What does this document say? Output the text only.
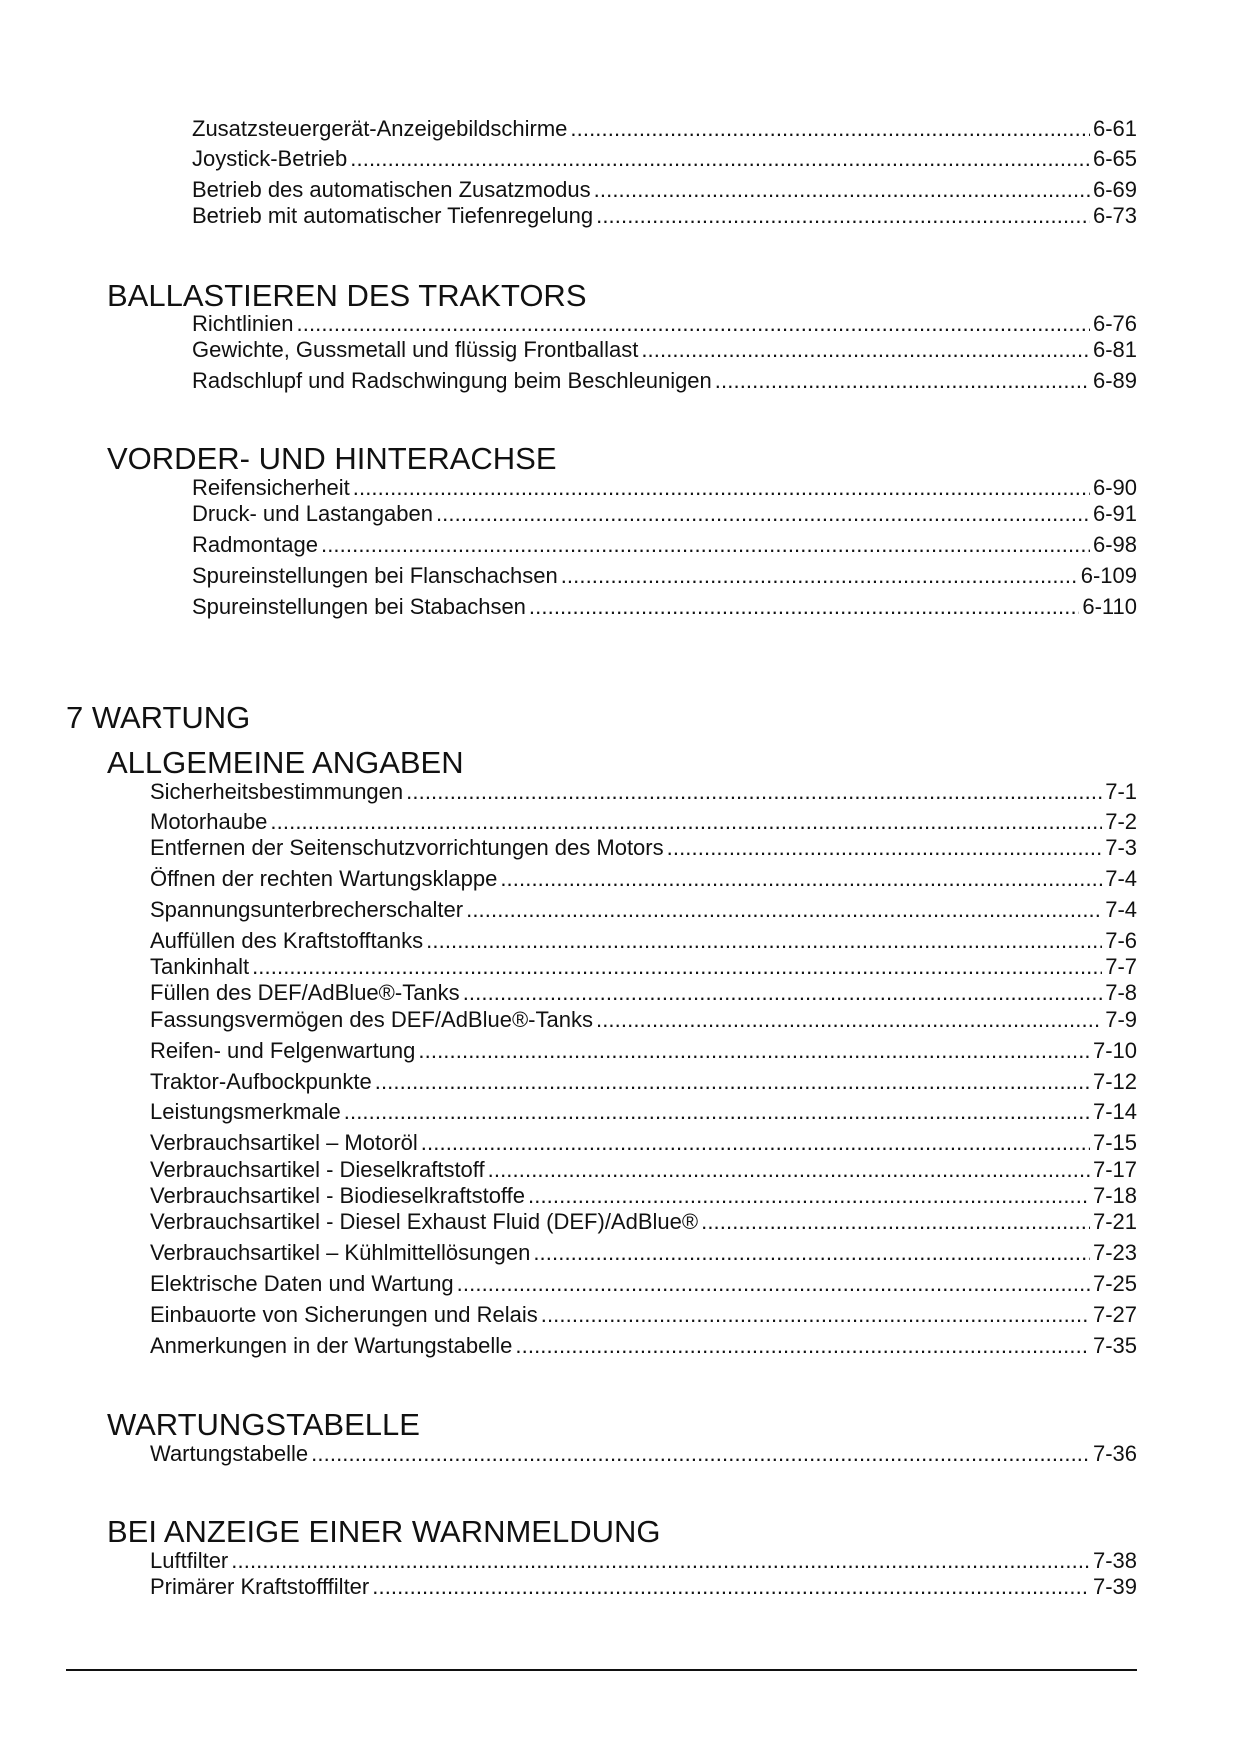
Zusatzsteuergerät-Anzeigebildschirme . . .	6-61
Joystick-Betrieb . . .	6-65
Betrieb des automatischen Zusatzmodus . . .	6-69
Betrieb mit automatischer Tiefenregelung . . .	6-73
BALLASTIEREN DES TRAKTORS
Richtlinien . . .	6-76
Gewichte, Gussmetall und flüssig Frontballast . . .	6-81
Radschlupf und Radschwingung beim Beschleunigen . . .	6-89
VORDER- UND HINTERACHSE
Reifensicherheit . . .	6-90
Druck- und Lastangaben . . .	6-91
Radmontage . . .	6-98
Spureinstellungen bei Flanschachsen . . .	6-109
Spureinstellungen bei Stabachsen . . .	6-110
7 WARTUNG
ALLGEMEINE ANGABEN
Sicherheitsbestimmungen . . .	7-1
Motorhaube . . .	7-2
Entfernen der Seitenschutzvorrichtungen des Motors . . .	7-3
Öffnen der rechten Wartungsklappe . . .	7-4
Spannungsunterbrecherschalter . . .	7-4
Auffüllen des Kraftstofftanks . . .	7-6
Tankinhalt . . .	7-7
Füllen des DEF/AdBlue®-Tanks . . .	7-8
Fassungsvermögen des DEF/AdBlue®-Tanks . . .	7-9
Reifen- und Felgenwartung . . .	7-10
Traktor-Aufbockpunkte . . .	7-12
Leistungsmerkmale . . .	7-14
Verbrauchsartikel – Motoröl . . .	7-15
Verbrauchsartikel - Dieselkraftstoff . . .	7-17
Verbrauchsartikel - Biodieselkraftstoffe . . .	7-18
Verbrauchsartikel - Diesel Exhaust Fluid (DEF)/AdBlue® . . .	7-21
Verbrauchsartikel – Kühlmittellösungen . . .	7-23
Elektrische Daten und Wartung . . .	7-25
Einbauorte von Sicherungen und Relais . . .	7-27
Anmerkungen in der Wartungstabelle . . .	7-35
WARTUNGSTABELLE
Wartungstabelle . . .	7-36
BEI ANZEIGE EINER WARNMELDUNG
Luftfilter . . .	7-38
Primärer Kraftstofffilter . . .	7-39
